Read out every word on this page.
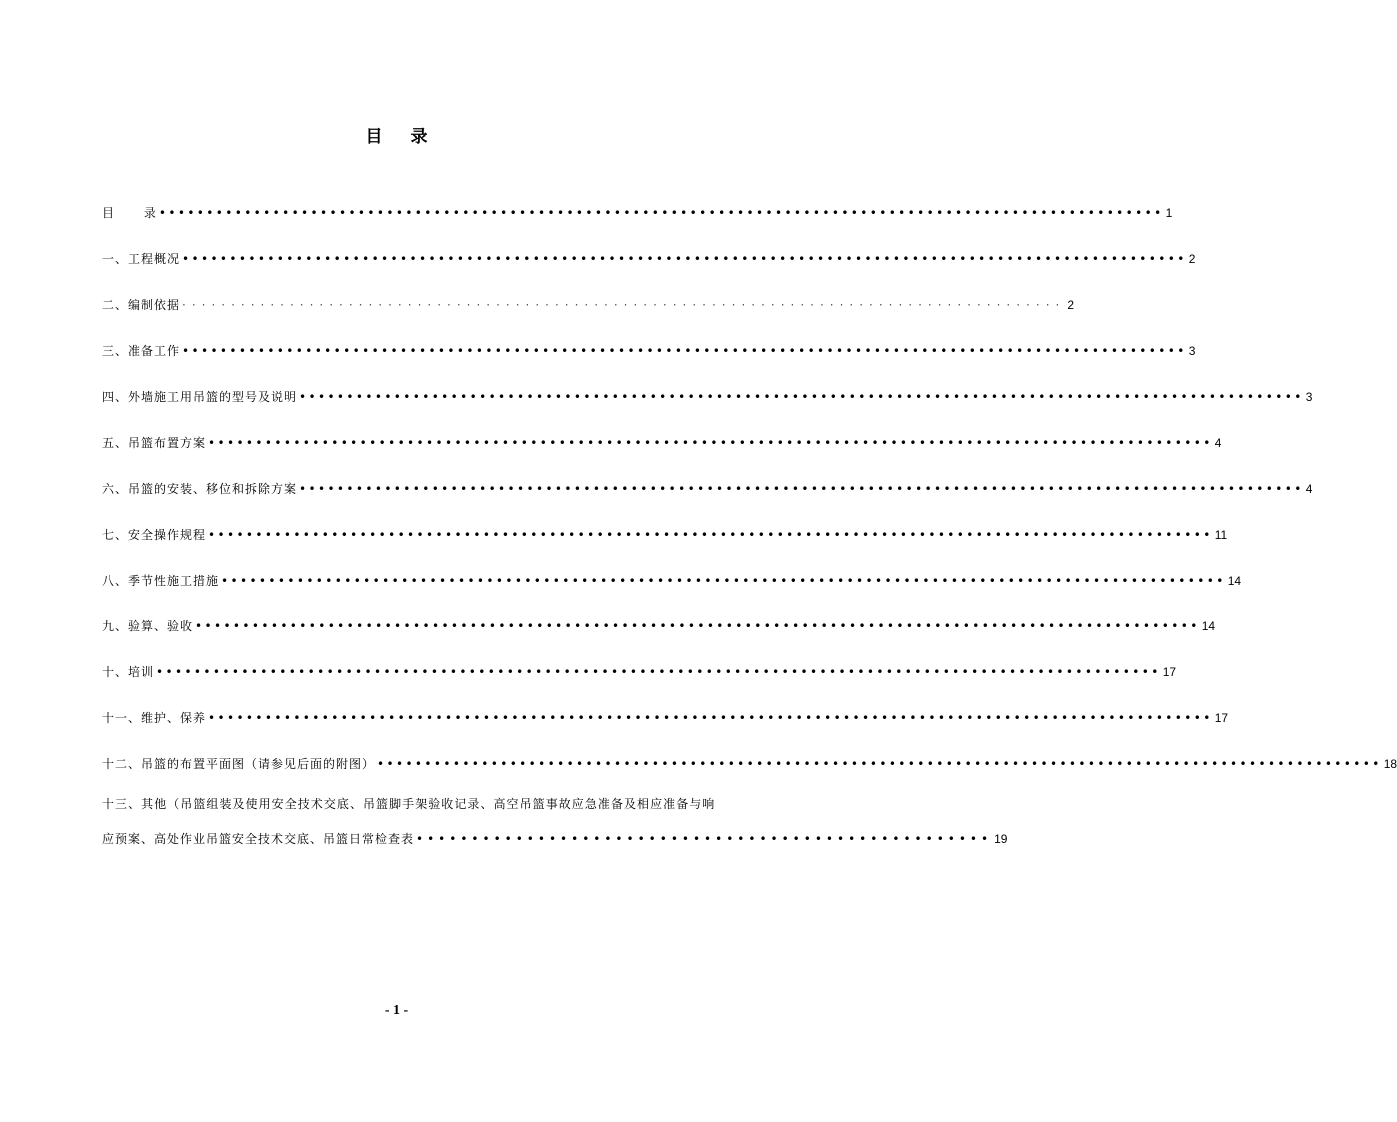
目录
目      录 •••••••••••••••••••••••••••••••••••••••••••••••••••••••••••••••••••••••••••••••••••••••••••••••••••••••••• 1
一、工程概况 •••••••••••••••••••••••••••••••••••••••••••••••••••••••••••••••••••••••••••••••••••••••••••••••••••••••••• 2
二、编制依据 ·························································································· 2
三、准备工作 •••••••••••••••••••••••••••••••••••••••••••••••••••••••••••••••••••••••••••••••••••••••••••••••••••••••••• 3
四、外墙施工用吊篮的型号及说明 •••••••••••••••••••••••••••••••••••••••••••••••••••••••••••••••••••••••••••••••••••••••••••••••••••••••••• 3
五、吊篮布置方案 •••••••••••••••••••••••••••••••••••••••••••••••••••••••••••••••••••••••••••••••••••••••••••••••••••••••••• 4
六、吊篮的安装、移位和拆除方案 •••••••••••••••••••••••••••••••••••••••••••••••••••••••••••••••••••••••••••••••••••••••••••••••••••••••••• 4
七、安全操作规程 •••••••••••••••••••••••••••••••••••••••••••••••••••••••••••••••••••••••••••••••••••••••••••••••••••••••••• 11
八、季节性施工措施 •••••••••••••••••••••••••••••••••••••••••••••••••••••••••••••••••••••••••••••••••••••••••••••••••••••••••• 14
九、验算、验收 •••••••••••••••••••••••••••••••••••••••••••••••••••••••••••••••••••••••••••••••••••••••••••••••••••••••••• 14
十、培训 •••••••••••••••••••••••••••••••••••••••••••••••••••••••••••••••••••••••••••••••••••••••••••••••••••••••••• 17
十一、维护、保养 •••••••••••••••••••••••••••••••••••••••••••••••••••••••••••••••••••••••••••••••••••••••••••••••••••••••••• 17
十二、吊篮的布置平面图（请参见后面的附图） •••••••••••••••••••••••••••••••••••••••••••••••••••••••••••••••••••••••••••••••••••••••••••••••••••••••••• 18
十三、其他（吊篮组装及使用安全技术交底、吊篮脚手架验收记录、高空吊篮事故应急准备及相应准备与响
应预案、高处作业吊篮安全技术交底、吊篮日常检查表 •••••••••••••••••••••••••••••••••••••••••••••••••••• 19
- 1 -
